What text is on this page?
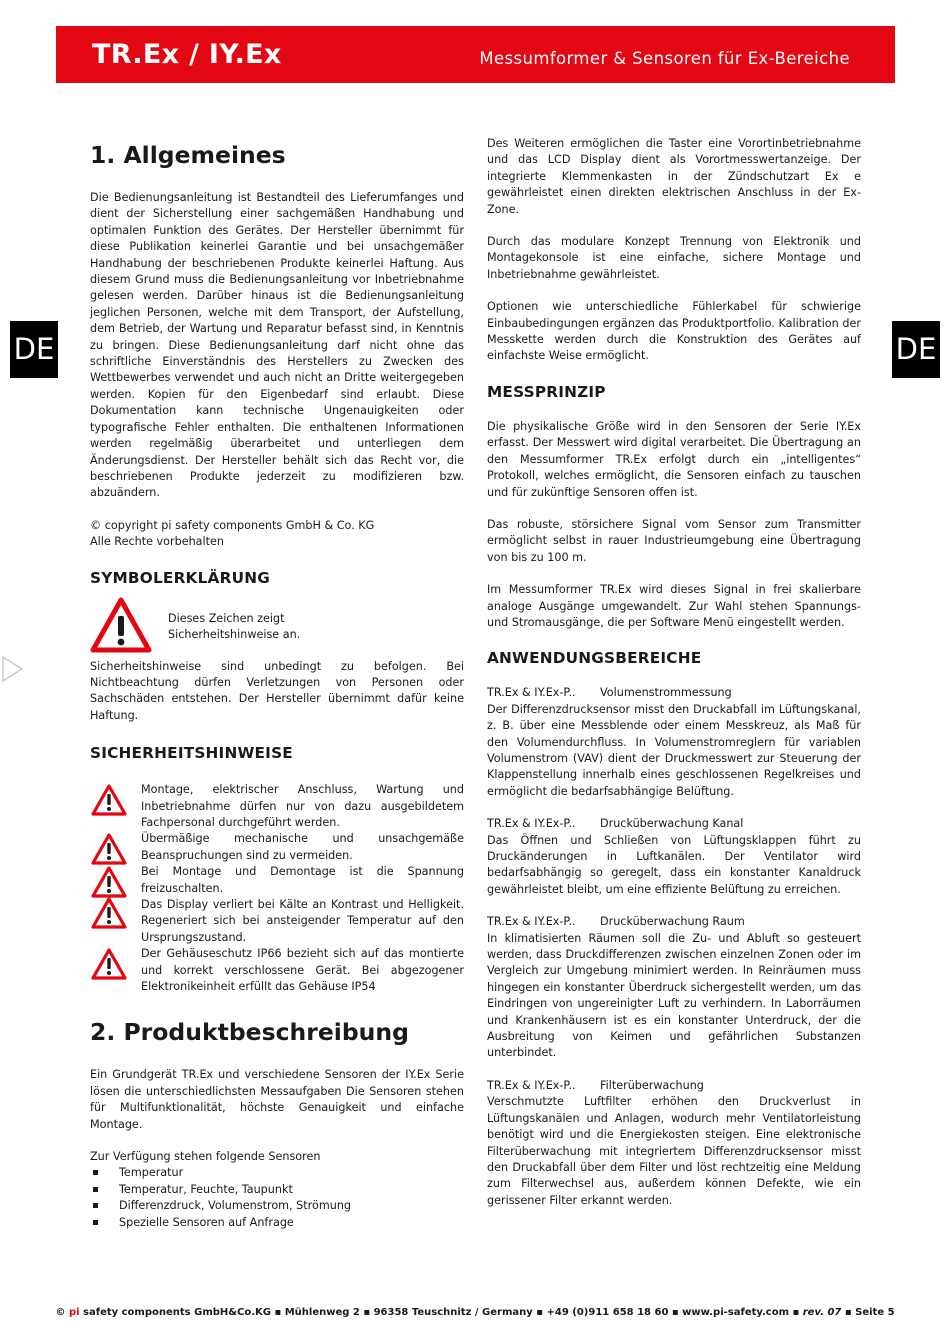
TR.Ex / IY.Ex	Messumformer & Sensoren für Ex-Bereiche
DE	DE
1. Allgemeines

Die Bedienungsanleitung ist Bestandteil des Lieferumfanges und dient der Sicherstellung einer sachgemäßen Handhabung und optimalen Funktion des Gerätes. Der Hersteller übernimmt für diese Publikation keinerlei Garantie und bei unsachgemäßer Handhabung der beschriebenen Produkte keinerlei Haftung. Aus diesem Grund muss die Bedienungsanleitung vor Inbetriebnahme gelesen werden. Darüber hinaus ist die Bedienungsanleitung jeglichen Personen, welche mit dem Transport, der Aufstellung, dem Betrieb, der Wartung und Reparatur befasst sind, in Kenntnis zu bringen. Diese Bedienungsanleitung darf nicht ohne das schriftliche Einverständnis des Herstellers zu Zwecken des Wettbewerbes verwendet und auch nicht an Dritte weitergegeben werden. Kopien für den Eigenbedarf sind erlaubt. Diese Dokumentation kann technische Ungenauigkeiten oder typografische Fehler enthalten. Die enthaltenen Informationen werden regelmäßig überarbeitet und unterliegen dem Änderungsdienst. Der Hersteller behält sich das Recht vor, die beschriebenen Produkte jederzeit zu modifizieren bzw. abzuändern.

© copyright pi safety components GmbH & Co. KG
Alle Rechte vorbehalten
SYMBOLERKLÄRUNG
Dieses Zeichen zeigt
Sicherheitshinweise an.

Sicherheitshinweise sind unbedingt zu befolgen. Bei Nichtbeachtung dürfen Verletzungen von Personen oder Sachschäden entstehen. Der Hersteller übernimmt dafür keine Haftung.

SICHERHEITSHINWEISE

Montage, elektrischer Anschluss, Wartung und Inbetriebnahme dürfen nur von dazu ausgebildetem Fachpersonal durchgeführt werden.

Übermäßige mechanische und unsachgemäße Beanspruchungen sind zu vermeiden.

Bei Montage und Demontage ist die Spannung freizuschalten.

Das Display verliert bei Kälte an Kontrast und Helligkeit. Regeneriert sich bei ansteigender Temperatur auf den Ursprungszustand.

Der Gehäuseschutz IP66 bezieht sich auf das montierte und korrekt verschlossene Gerät. Bei abgezogener Elektronikeinheit erfüllt das Gehäuse IP54

2. Produktbeschreibung

Ein Grundgerät TR.Ex und verschiedene Sensoren der IY.Ex Serie lösen die unterschiedlichsten Messaufgaben Die Sensoren stehen für Multifunktionalität, höchste Genauigkeit und einfache Montage.

Zur Verfügung stehen folgende Sensoren
Temperatur
Temperatur, Feuchte, Taupunkt
Differenzdruck, Volumenstrom, Strömung
Spezielle Sensoren auf Anfrage

Des Weiteren ermöglichen die Taster eine Vorortinbetriebnahme und das LCD Display dient als Vorortmesswertanzeige. Der integrierte Klemmenkasten in der Zündschutzart Ex e gewährleistet einen direkten elektrischen Anschluss in der Ex-Zone.

Durch das modulare Konzept Trennung von Elektronik und Montagekonsole ist eine einfache, sichere Montage und Inbetriebnahme gewährleistet.

Optionen wie unterschiedliche Fühlerkabel für schwierige Einbaubedingungen ergänzen das Produktportfolio. Kalibration der Messkette werden durch die Konstruktion des Gerätes auf einfachste Weise ermöglicht.

MESSPRINZIP

Die physikalische Größe wird in den Sensoren der Serie IY.Ex erfasst. Der Messwert wird digital verarbeitet. Die Übertragung an den Messumformer TR.Ex erfolgt durch ein „intelligentes“ Protokoll, welches ermöglicht, die Sensoren einfach zu tauschen und für zukünftige Sensoren offen ist.

Das robuste, störsichere Signal vom Sensor zum Transmitter ermöglicht selbst in rauer Industrieumgebung eine Übertragung von bis zu 100 m.

Im Messumformer TR.Ex wird dieses Signal in frei skalierbare analoge Ausgänge umgewandelt. Zur Wahl stehen Spannungs- und Stromausgänge, die per Software Menü eingestellt werden.

ANWENDUNGSBEREICHE
TR.Ex & IY.Ex-P.. Volumenstrommessung

Der Differenzdrucksensor misst den Druckabfall im Lüftungskanal, z. B. über eine Messblende oder einem Messkreuz, als Maß für den Volumendurchfluss. In Volumenstromreglern für variablen Volumenstrom (VAV) dient der Druckmesswert zur Steuerung der Klappenstellung innerhalb eines geschlossenen Regelkreises und ermöglicht die bedarfsabhängige Belüftung.

TR.Ex & IY.Ex-P.. Drucküberwachung Kanal

Das Öffnen und Schließen von Lüftungsklappen führt zu Druckänderungen in Luftkanälen. Der Ventilator wird bedarfsabhängig so geregelt, dass ein konstanter Kanaldruck gewährleistet bleibt, um eine effiziente Belüftung zu erreichen.

TR.Ex & IY.Ex-P.. Drucküberwachung Raum

In klimatisierten Räumen soll die Zu- und Abluft so gesteuert werden, dass Druckdifferenzen zwischen einzelnen Zonen oder im Vergleich zur Umgebung minimiert werden. In Reinräumen muss hingegen ein konstanter Überdruck sichergestellt werden, um das Eindringen von ungereinigter Luft zu verhindern. In Laborräumen und Krankenhäusern ist es ein konstanter Unterdruck, der die Ausbreitung von Keimen und gefährlichen Substanzen unterbindet.

TR.Ex & IY.Ex-P.. Filterüberwachung

Verschmutzte Luftfilter erhöhen den Druckverlust in Lüftungskanälen und Anlagen, wodurch mehr Ventilatorleistung benötigt wird und die Energiekosten steigen. Eine elektronische Filterüberwachung mit integriertem Differenzdrucksensor misst den Druckabfall über dem Filter und löst rechtzeitig eine Meldung zum Filterwechsel aus, außerdem können Defekte, wie ein gerissener Filter erkannt werden.

© pi safety components GmbH&Co.KG ▪ Mühlenweg 2 ▪ 96358 Teuschnitz / Germany ▪ +49 (0)911 658 18 60 ▪ www.pi-safety.com ▪ rev. 07 ▪ Seite 5
